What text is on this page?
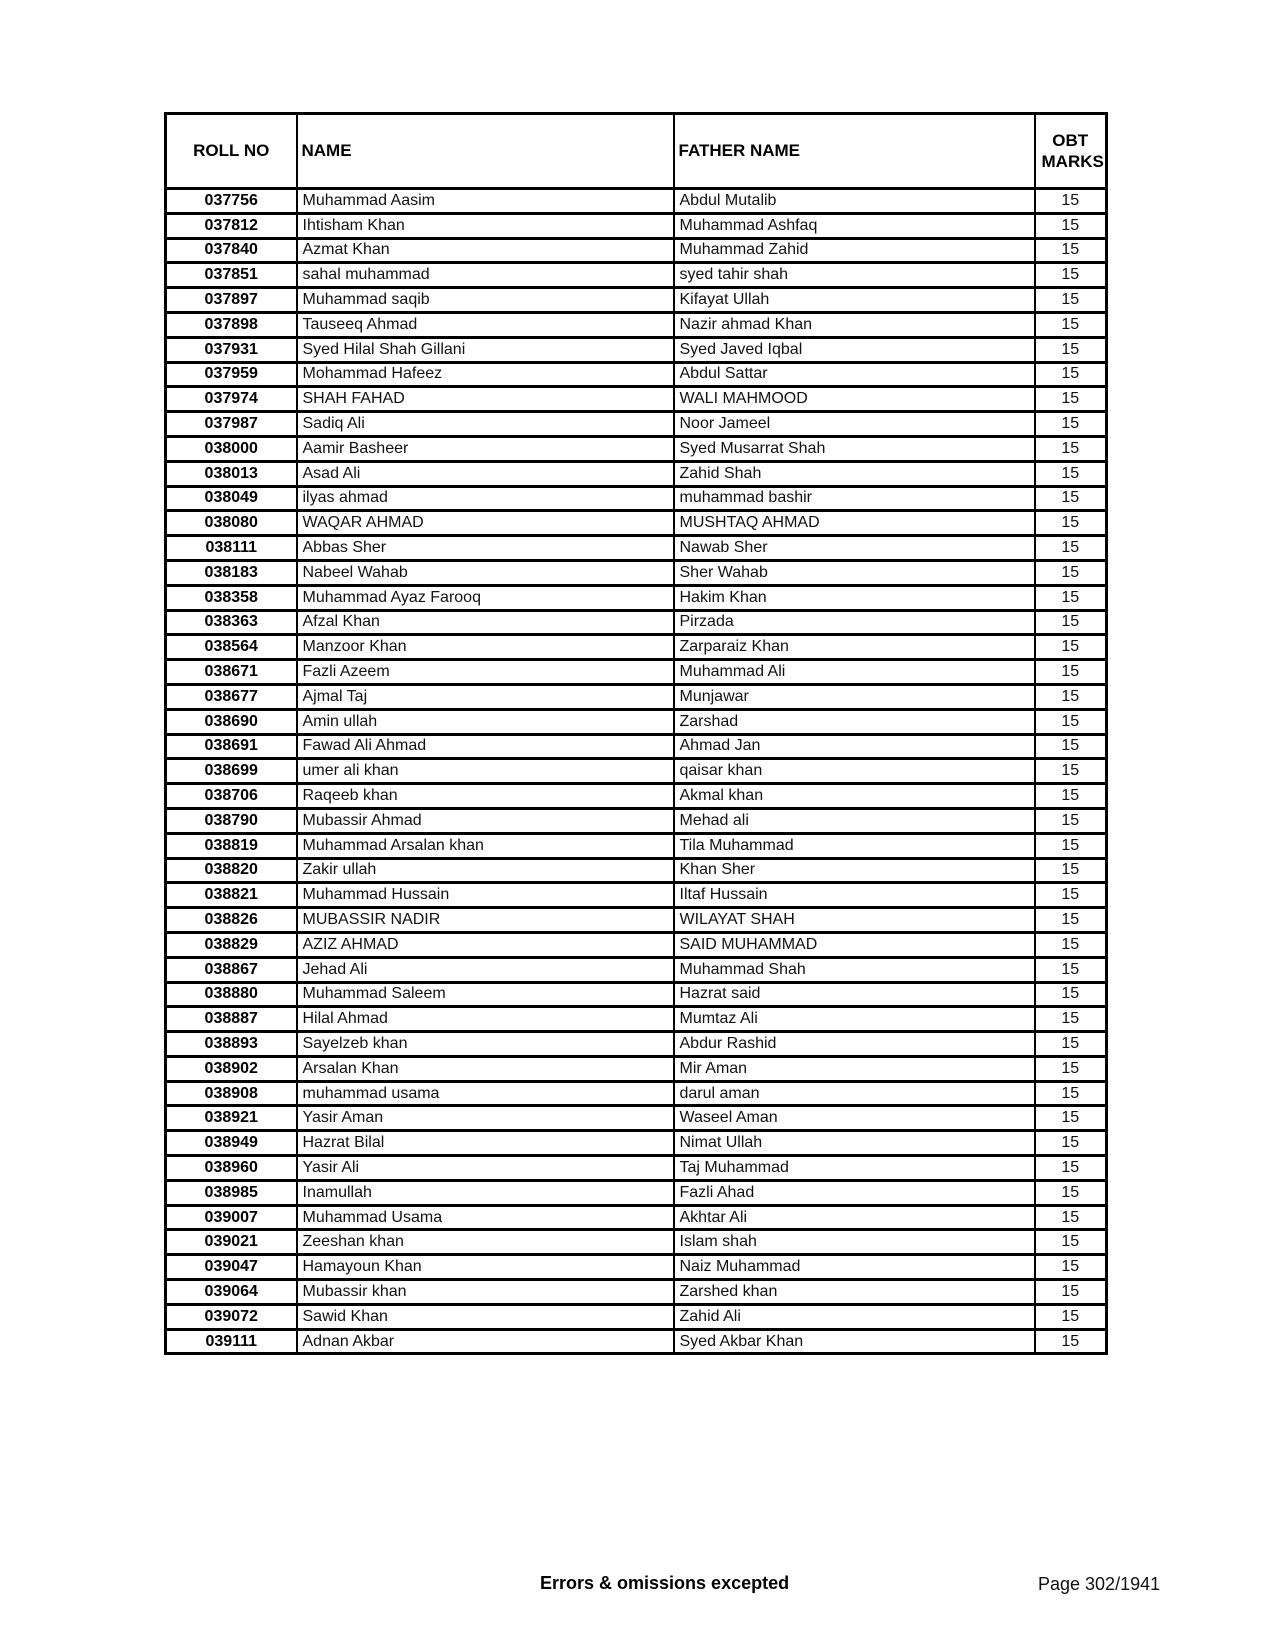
ROLL NO	NAME	FATHER NAME	OBT MARKS
037756	Muhammad Aasim	Abdul Mutalib	15
037812	Ihtisham Khan	Muhammad Ashfaq	15
037840	Azmat Khan	Muhammad Zahid	15
037851	sahal muhammad	syed tahir shah	15
037897	Muhammad saqib	Kifayat Ullah	15
037898	Tauseeq Ahmad	Nazir ahmad Khan	15
037931	Syed Hilal Shah Gillani	Syed Javed Iqbal	15
037959	Mohammad Hafeez	Abdul Sattar	15
037974	SHAH FAHAD	WALI MAHMOOD	15
037987	Sadiq Ali	Noor Jameel	15
038000	Aamir Basheer	Syed Musarrat Shah	15
038013	Asad Ali	Zahid Shah	15
038049	ilyas ahmad	muhammad bashir	15
038080	WAQAR AHMAD	MUSHTAQ AHMAD	15
038111	Abbas Sher	Nawab Sher	15
038183	Nabeel Wahab	Sher Wahab	15
038358	Muhammad Ayaz Farooq	Hakim Khan	15
038363	Afzal Khan	Pirzada	15
038564	Manzoor Khan	Zarparaiz Khan	15
038671	Fazli Azeem	Muhammad Ali	15
038677	Ajmal Taj	Munjawar	15
038690	Amin ullah	Zarshad	15
038691	Fawad Ali Ahmad	Ahmad Jan	15
038699	umer ali khan	qaisar khan	15
038706	Raqeeb khan	Akmal khan	15
038790	Mubassir Ahmad	Mehad ali	15
038819	Muhammad Arsalan khan	Tila Muhammad	15
038820	Zakir ullah	Khan Sher	15
038821	Muhammad Hussain	Iltaf Hussain	15
038826	MUBASSIR NADIR	WILAYAT SHAH	15
038829	AZIZ AHMAD	SAID MUHAMMAD	15
038867	Jehad Ali	Muhammad Shah	15
038880	Muhammad Saleem	Hazrat said	15
038887	Hilal Ahmad	Mumtaz Ali	15
038893	Sayelzeb khan	Abdur Rashid	15
038902	Arsalan Khan	Mir Aman	15
038908	muhammad usama	darul aman	15
038921	Yasir Aman	Waseel Aman	15
038949	Hazrat Bilal	Nimat Ullah	15
038960	Yasir Ali	Taj Muhammad	15
038985	Inamullah	Fazli Ahad	15
039007	Muhammad Usama	Akhtar Ali	15
039021	Zeeshan khan	Islam shah	15
039047	Hamayoun Khan	Naiz Muhammad	15
039064	Mubassir khan	Zarshed khan	15
039072	Sawid Khan	Zahid Ali	15
039111	Adnan Akbar	Syed Akbar Khan	15
Errors & omissions excepted	Page 302/1941
